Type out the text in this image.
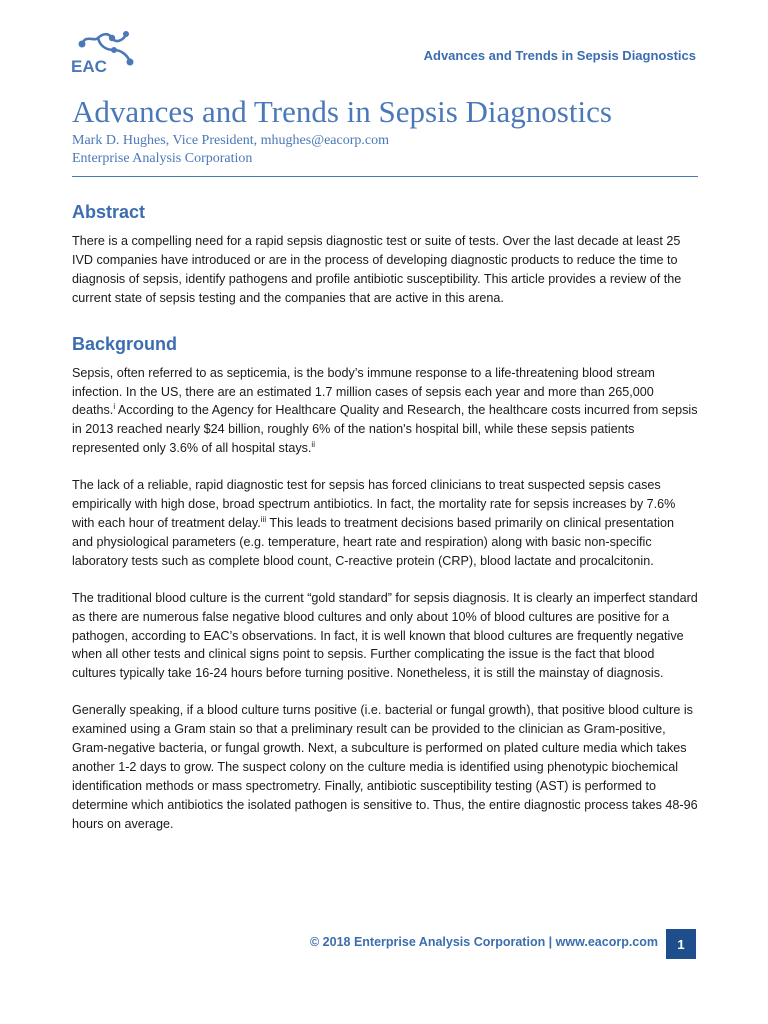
EAC
Advances and Trends in Sepsis Diagnostics
Advances and Trends in Sepsis Diagnostics
Mark D. Hughes, Vice President, mhughes@eacorp.com
Enterprise Analysis Corporation
Abstract

There is a compelling need for a rapid sepsis diagnostic test or suite of tests. Over the last decade at least 25 IVD companies have introduced or are in the process of developing diagnostic products to reduce the time to diagnosis of sepsis, identify pathogens and profile antibiotic susceptibility. This article provides a review of the current state of sepsis testing and the companies that are active in this arena.

Background

Sepsis, often referred to as septicemia, is the body’s immune response to a life-threatening blood stream infection. In the US, there are an estimated 1.7 million cases of sepsis each year and more than 265,000 deaths.$^i$ According to the Agency for Healthcare Quality and Research, the healthcare costs incurred from sepsis in 2013 reached nearly $24 billion, roughly 6% of the nation's hospital bill, while these sepsis patients represented only 3.6% of all hospital stays.$^{ii}$

The lack of a reliable, rapid diagnostic test for sepsis has forced clinicians to treat suspected sepsis cases empirically with high dose, broad spectrum antibiotics. In fact, the mortality rate for sepsis increases by 7.6% with each hour of treatment delay.$^{iii}$ This leads to treatment decisions based primarily on clinical presentation and physiological parameters (e.g. temperature, heart rate and respiration) along with basic non-specific laboratory tests such as complete blood count, C-reactive protein (CRP), blood lactate and procalcitonin.

The traditional blood culture is the current “gold standard” for sepsis diagnosis. It is clearly an imperfect standard as there are numerous false negative blood cultures and only about 10% of blood cultures are positive for a pathogen, according to EAC’s observations. In fact, it is well known that blood cultures are frequently negative when all other tests and clinical signs point to sepsis. Further complicating the issue is the fact that blood cultures typically take 16-24 hours before turning positive. Nonetheless, it is still the mainstay of diagnosis.

Generally speaking, if a blood culture turns positive (i.e. bacterial or fungal growth), that positive blood culture is examined using a Gram stain so that a preliminary result can be provided to the clinician as Gram-positive, Gram-negative bacteria, or fungal growth. Next, a subculture is performed on plated culture media which takes another 1-2 days to grow. The suspect colony on the culture media is identified using phenotypic biochemical identification methods or mass spectrometry. Finally, antibiotic susceptibility testing (AST) is performed to determine which antibiotics the isolated pathogen is sensitive to. Thus, the entire diagnostic process takes 48-96 hours on average.

© 2018 Enterprise Analysis Corporation | www.eacorp.com 1
